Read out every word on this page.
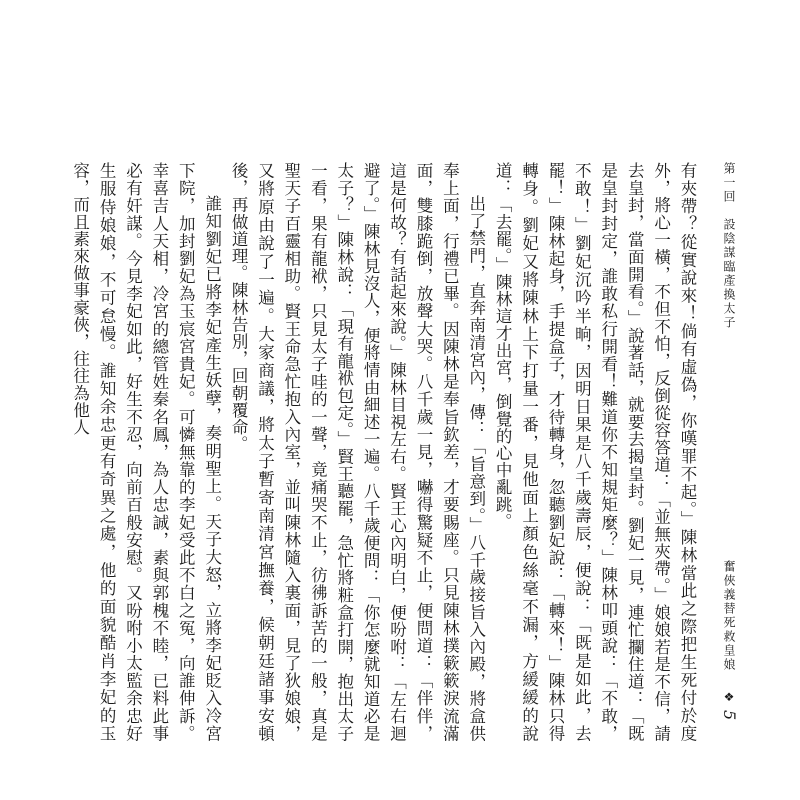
第一回　設陰謀臨產換太子
奮俠義替死救皇娘
❖
5

有夾帶？從實說來！倘有虛偽，你嘆罪不起。」陳林當此之際把生死付於度外，將心一橫，不但不怕，反倒從容答道：「並無夾帶。」娘娘若是不信，請去皇封，當面開看。」說著話，就要去揭皇封。劉妃一見，連忙攔住道：「既是皇封封定，誰敢私行開看！難道你不知規矩麼？」陳林叩頭說：「不敢，不敢！」劉妃沉吟半晌，因明日果是八千歲壽辰，便說：「既是如此，去罷！」陳林起身，手提盒子，才待轉身，忽聽劉妃說：「轉來！」陳林只得轉身。劉妃又將陳林上下打量一番，見他面上顏色絲毫不漏，方緩緩的說道：「去罷。」陳林這才出宮，倒覺的心中亂跳。

出了禁門，直奔南清宮內，傳：「旨意到。」八千歲接旨入內殿，將盒供奉上面，行禮已畢。因陳林是奉旨欽差，才要賜座。只見陳林撲簌簌淚流滿面，雙膝跪倒，放聲大哭。八千歲一見，嚇得驚疑不止，便問道：「伴伴，這是何故？有話起來說。」陳林目視左右。賢王心內明白，便吩咐：「左右迴避了。」陳林見沒人，便將情由細述一遍。八千歲便問：「你怎麼就知道必是太子？」陳林說：「現有龍袱包定。」賢王聽罷，急忙將粧盒打開，抱出太子一看，果有龍袱，只見太子哇的一聲，竟痛哭不止，彷彿訴苦的一般，真是聖天子百靈相助。賢王命急忙抱入內室，並叫陳林隨入裏面，見了狄娘娘，又將原由說了一遍。大家商議，將太子暫寄南清宮撫養，候朝廷諸事安頓後，再做道理。陳林告別，回朝覆命。

誰知劉妃已將李妃產生妖孽，奏明聖上。天子大怒，立將李妃貶入冷宮下院，加封劉妃為玉宸宮貴妃。可憐無靠的李妃受此不白之冤，向誰伸訴。幸喜吉人天相，冷宮的總管姓秦名鳳，為人忠誠，素與郭槐不睦，已料此事必有奸謀。今見李妃如此，好生不忍，向前百般安慰。又吩咐小太監余忠好生服侍娘娘，不可怠慢。誰知余忠更有奇異之處，他的面貌酷肖李妃的玉容，而且素來做事豪俠，往往為他人
